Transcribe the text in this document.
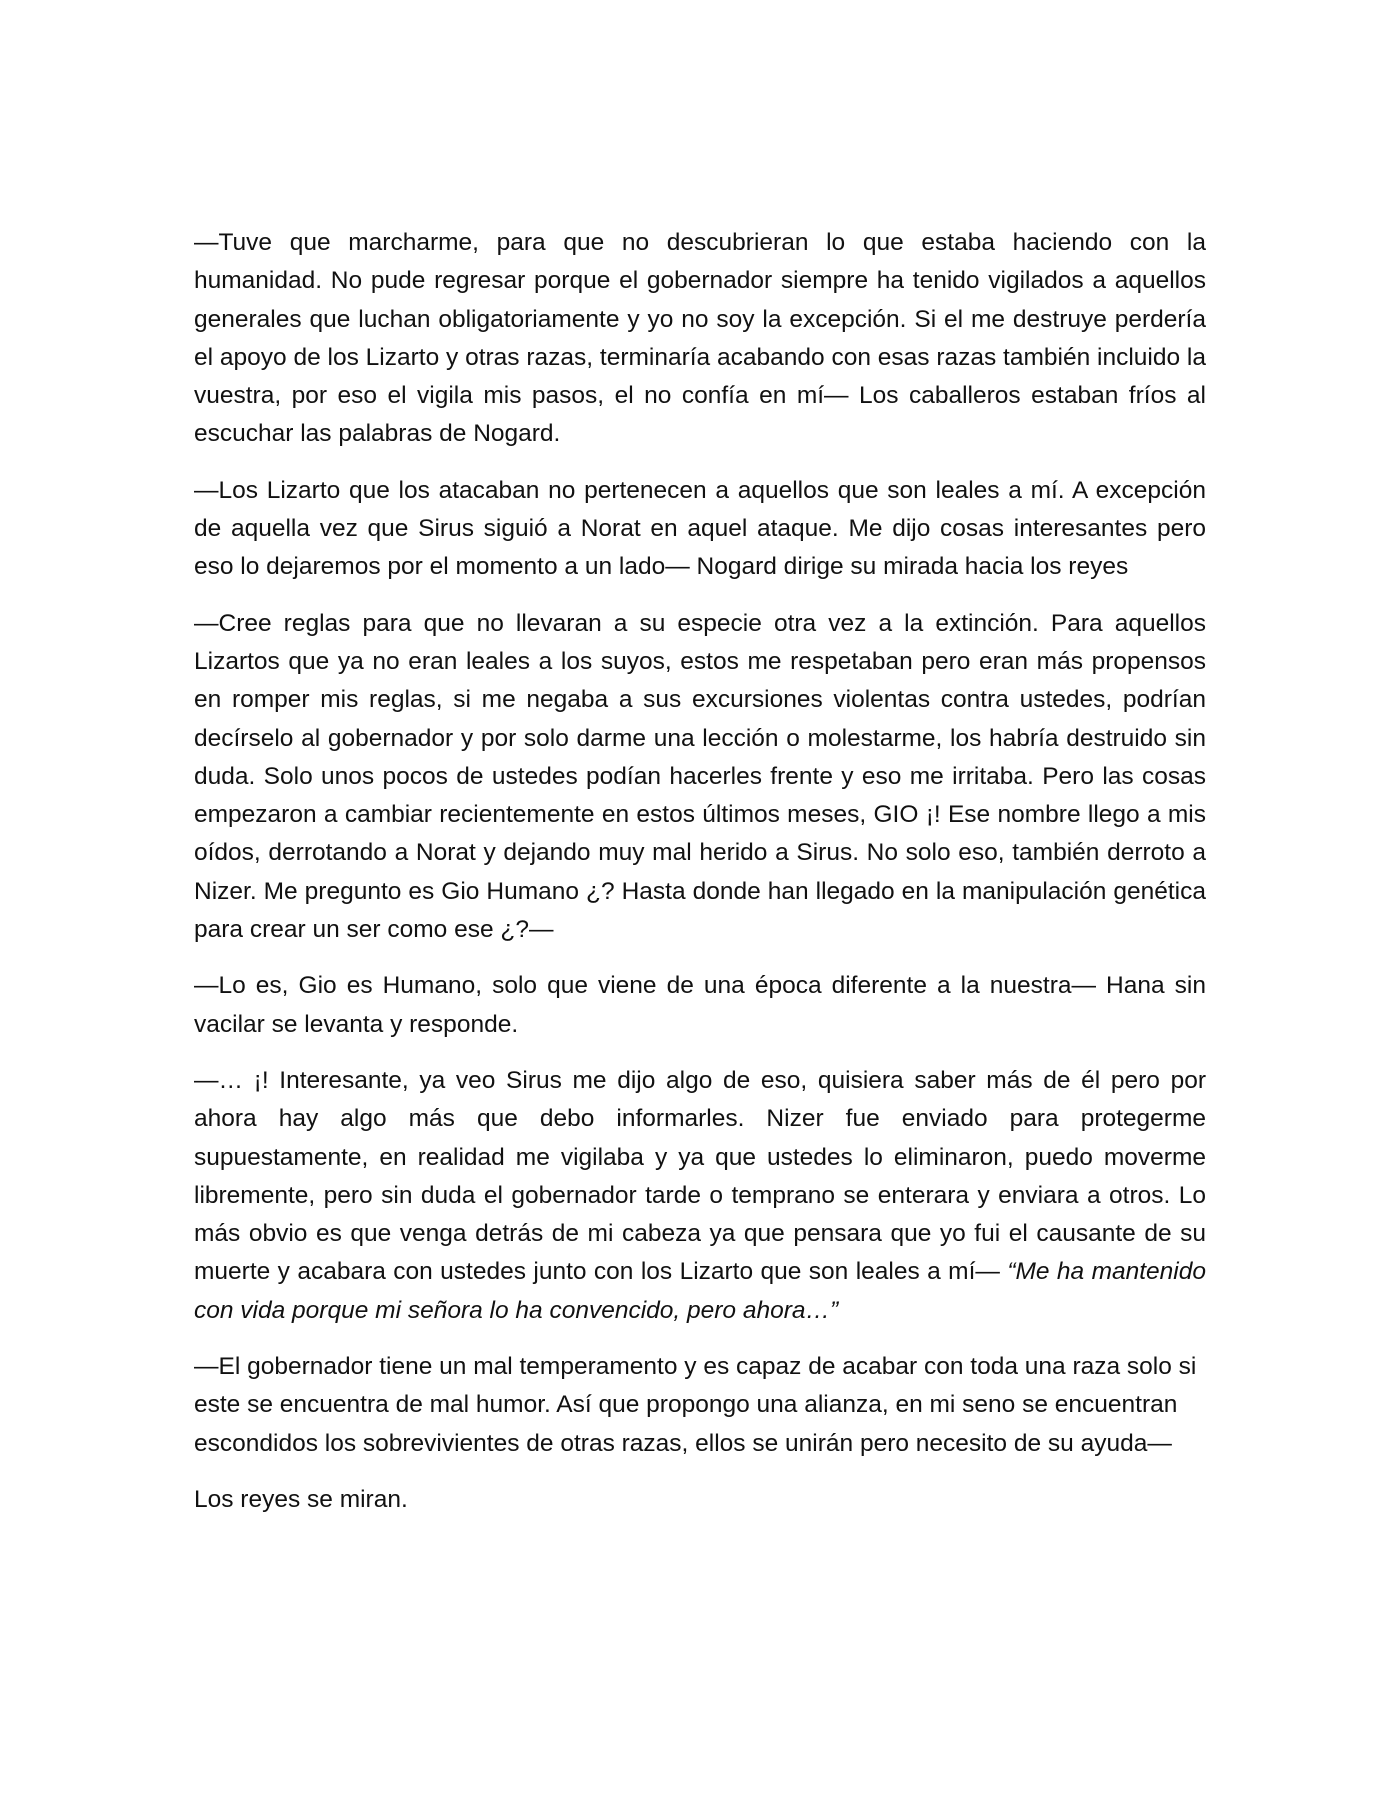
—Tuve que marcharme, para que no descubrieran lo que estaba haciendo con la humanidad. No pude regresar porque el gobernador siempre ha tenido vigilados a aquellos generales que luchan obligatoriamente y yo no soy la excepción. Si el me destruye perdería el apoyo de los Lizarto y otras razas, terminaría acabando con esas razas también incluido la vuestra, por eso el vigila mis pasos, el no confía en mí— Los caballeros estaban fríos al escuchar las palabras de Nogard.

—Los Lizarto que los atacaban no pertenecen a aquellos que son leales a mí. A excepción de aquella vez que Sirus siguió a Norat en aquel ataque. Me dijo cosas interesantes pero eso lo dejaremos por el momento a un lado— Nogard dirige su mirada hacia los reyes

—Cree reglas para que no llevaran a su especie otra vez a la extinción. Para aquellos Lizartos que ya no eran leales a los suyos, estos me respetaban pero eran más propensos en romper mis reglas, si me negaba a sus excursiones violentas contra ustedes, podrían decírselo al gobernador y por solo darme una lección o molestarme, los habría destruido sin duda. Solo unos pocos de ustedes podían hacerles frente y eso me irritaba. Pero las cosas empezaron a cambiar recientemente en estos últimos meses, GIO ¡! Ese nombre llego a mis oídos, derrotando a Norat y dejando muy mal herido a Sirus. No solo eso, también derroto a Nizer. Me pregunto es Gio Humano ¿? Hasta donde han llegado en la manipulación genética para crear un ser como ese ¿?—

—Lo es, Gio es Humano, solo que viene de una época diferente a la nuestra— Hana sin vacilar se levanta y responde.

—… ¡! Interesante, ya veo Sirus me dijo algo de eso, quisiera saber más de él pero por ahora hay algo más que debo informarles. Nizer fue enviado para protegerme supuestamente, en realidad me vigilaba y ya que ustedes lo eliminaron, puedo moverme libremente, pero sin duda el gobernador tarde o temprano se enterara y enviara a otros. Lo más obvio es que venga detrás de mi cabeza ya que pensara que yo fui el causante de su muerte y acabara con ustedes junto con los Lizarto que son leales a mí— “Me ha mantenido con vida porque mi señora lo ha convencido, pero ahora…”

—El gobernador tiene un mal temperamento y es capaz de acabar con toda una raza solo si este se encuentra de mal humor. Así que propongo una alianza, en mi seno se encuentran escondidos los sobrevivientes de otras razas, ellos se unirán pero necesito de su ayuda—

Los reyes se miran.
